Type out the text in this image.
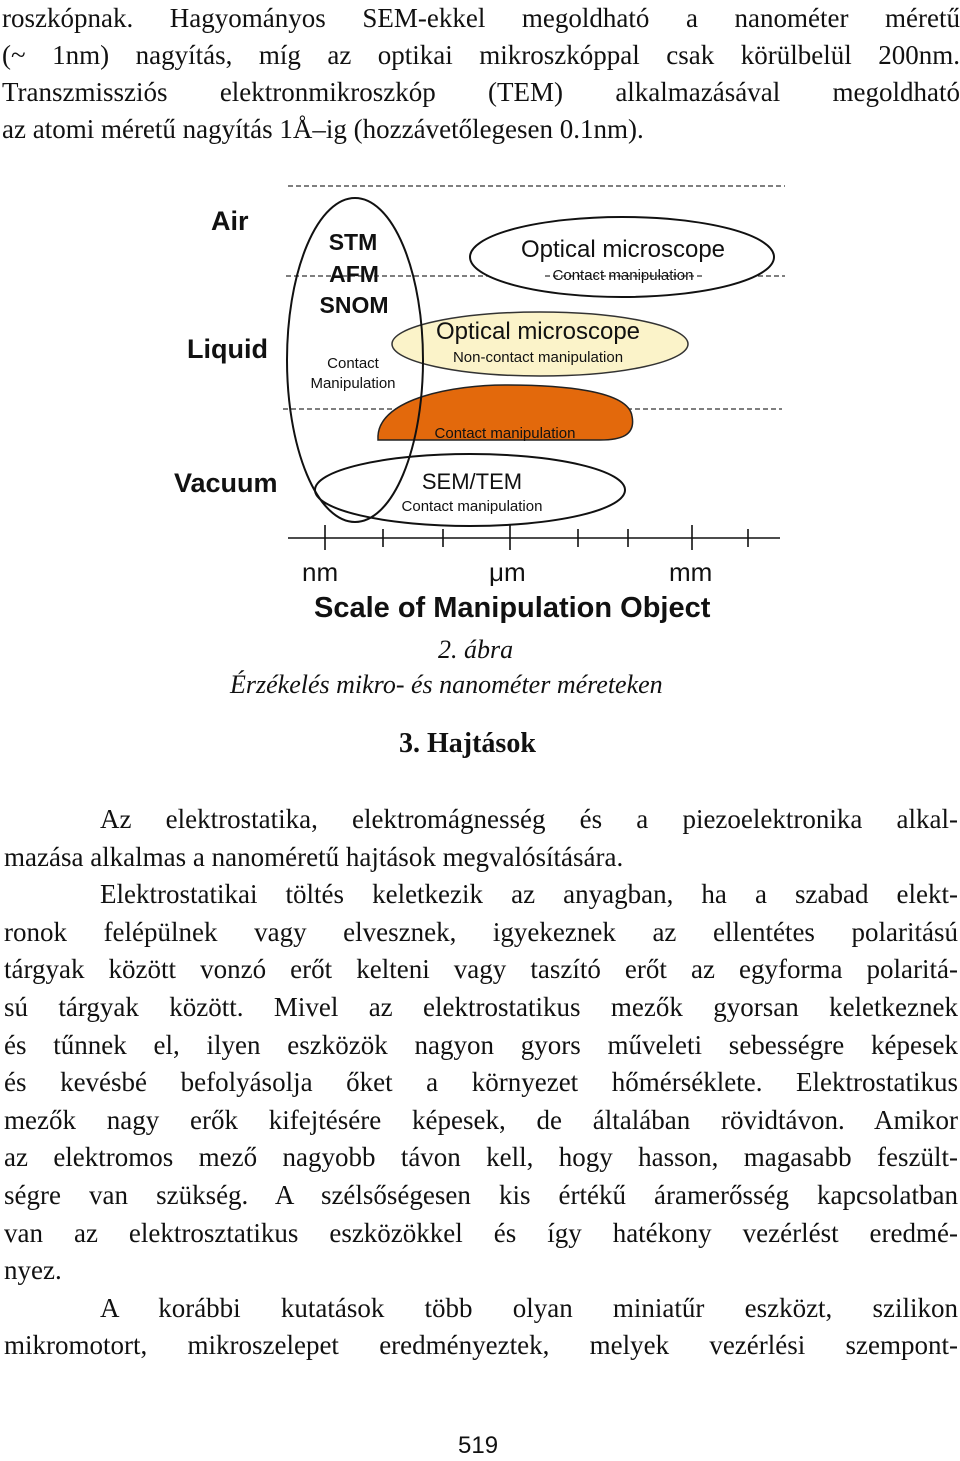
roszkópnak. Hagyományos SEM-ekkel megoldható a nanométer méretű
(~ 1nm) nagyítás, míg az optikai mikroszkóppal csak körülbelül 200nm.
Transzmissziós elektronmikroszkóp (TEM) alkalmazásával megoldható
az atomi méretű nagyítás 1Å–ig (hozzávetőlegesen 0.1nm).
Air
Liquid
Vacuum
STM
AFM
SNOM
Contact
Manipulation
Optical microscope
Contact manipulation
Optical microscope
Non-contact manipulation
Contact manipulation
SEM/TEM
Contact manipulation
nm	μm	mm
Scale of Manipulation Object
2. ábra
Érzékelés mikro- és nanométer méreteken
3. Hajtások
Az elektrostatika, elektromágnesség és a piezoelektronika alkal-
mazása alkalmas a nanoméretű hajtások megvalósítására.
Elektrostatikai töltés keletkezik az anyagban, ha a szabad elekt-
ronok felépülnek vagy elvesznek, igyekeznek az ellentétes polaritású
tárgyak között vonzó erőt kelteni vagy taszító erőt az egyforma polaritá-
sú tárgyak között. Mivel az elektrostatikus mezők gyorsan keletkeznek
és tűnnek el, ilyen eszközök nagyon gyors műveleti sebességre képesek
és kevésbé befolyásolja őket a környezet hőmérséklete. Elektrostatikus
mezők nagy erők kifejtésére képesek, de általában rövidtávon. Amikor
az elektromos mező nagyobb távon kell, hogy hasson, magasabb feszült-
ségre van szükség. A szélsőségesen kis értékű áramerősség kapcsolatban
van az elektrosztatikus eszközökkel és így hatékony vezérlést eredmé-
nyez.
A korábbi kutatások több olyan miniatűr eszközt, szilikon
mikromotort, mikroszelepet eredményeztek, melyek vezérlési szempont-
519
